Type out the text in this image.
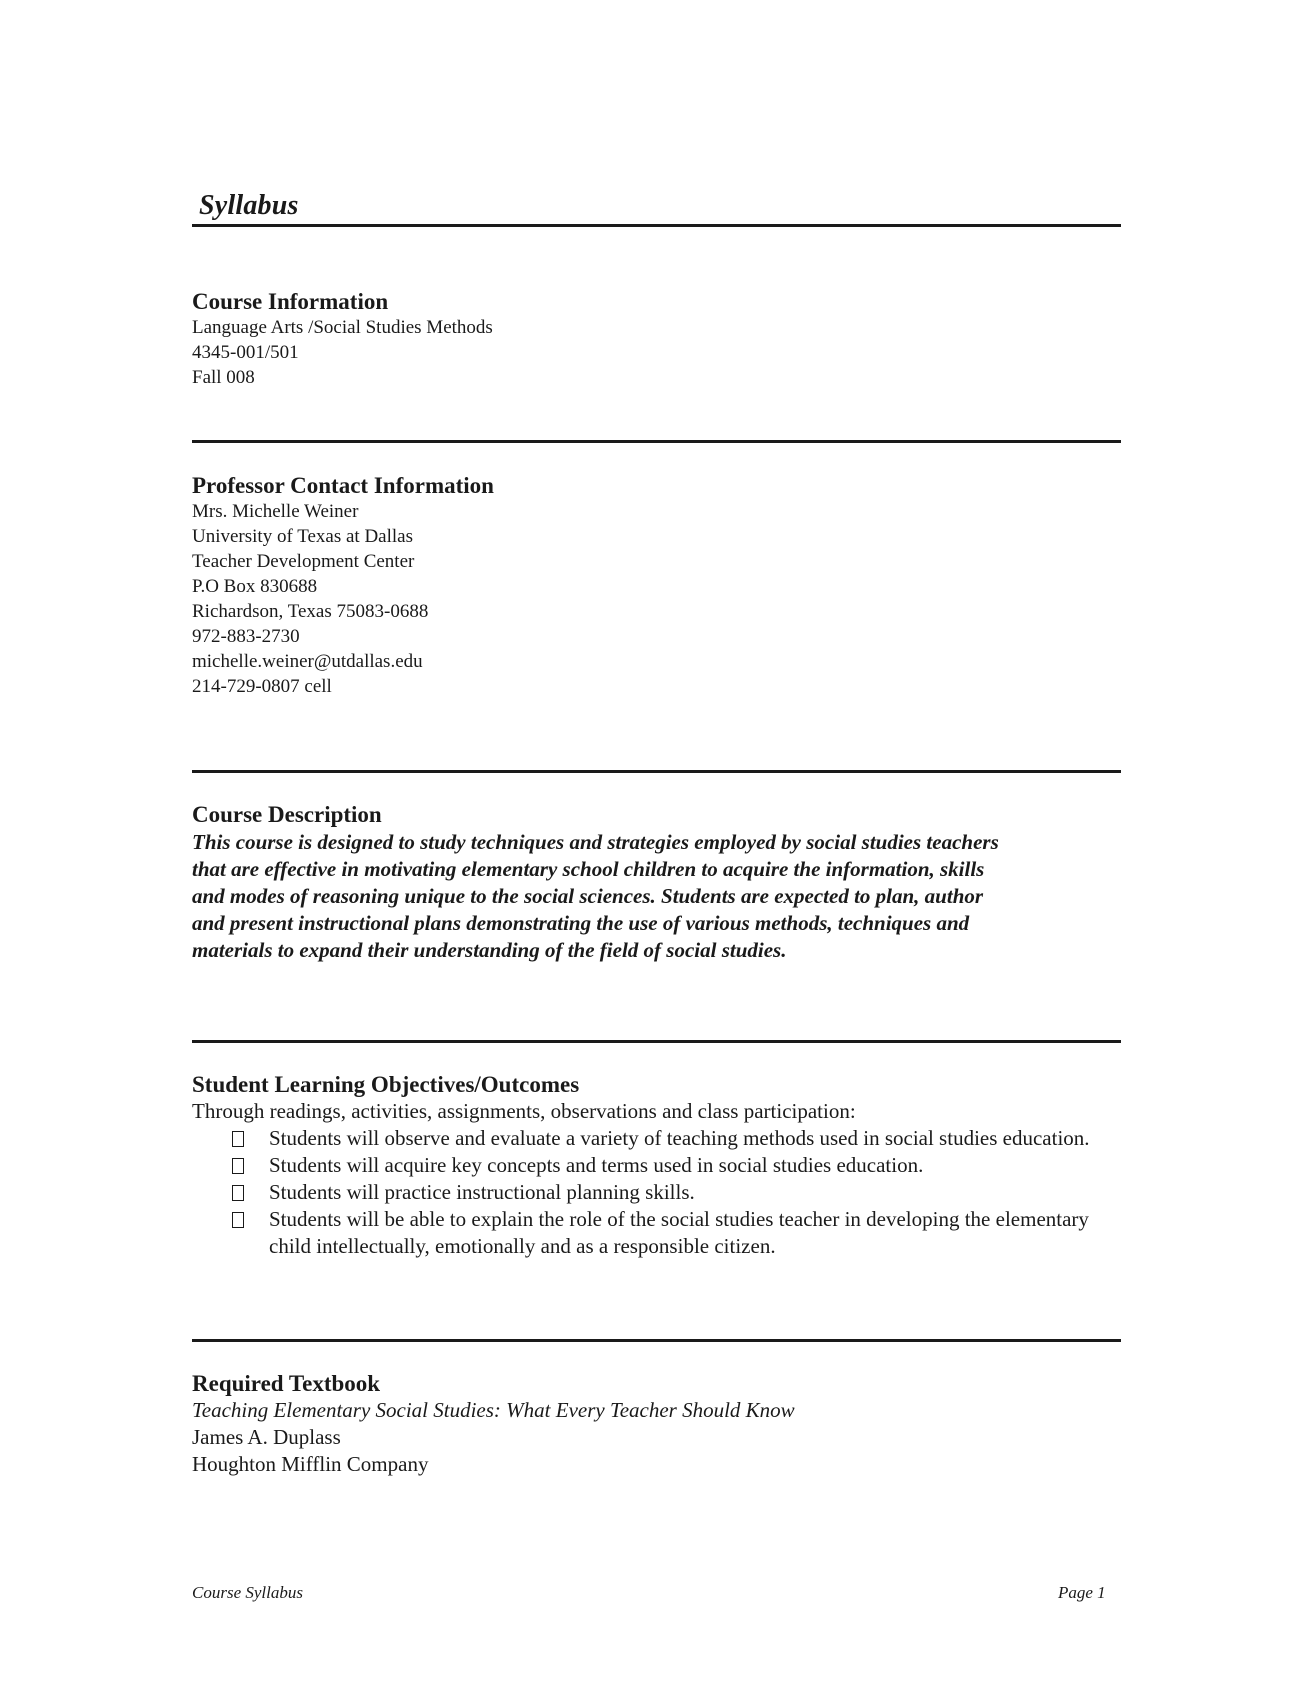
Syllabus
Course Information
Language Arts /Social Studies Methods
4345-001/501
Fall 008
Professor Contact Information
Mrs. Michelle Weiner
University of Texas at Dallas
Teacher Development Center
P.O Box 830688
Richardson, Texas 75083-0688
972-883-2730
michelle.weiner@utdallas.edu
214-729-0807 cell
Course Description
This course is designed to study techniques and strategies employed by social studies teachers
that are effective in motivating elementary school children to acquire the information, skills
and modes of reasoning unique to the social sciences. Students are expected to plan, author
and present instructional plans demonstrating the use of various methods, techniques and
materials to expand their understanding of the field of social studies.
Student Learning Objectives/Outcomes
Through readings, activities, assignments, observations and class participation:
Students will observe and evaluate a variety of teaching methods used in social studies education.
Students will acquire key concepts and terms used in social studies education.
Students will practice instructional planning skills.
Students will be able to explain the role of the social studies teacher in developing the elementary child intellectually, emotionally and as a responsible citizen.
Required Textbook
Teaching Elementary Social Studies: What Every Teacher Should Know
James A. Duplass
Houghton Mifflin Company
Course Syllabus	Page 1
